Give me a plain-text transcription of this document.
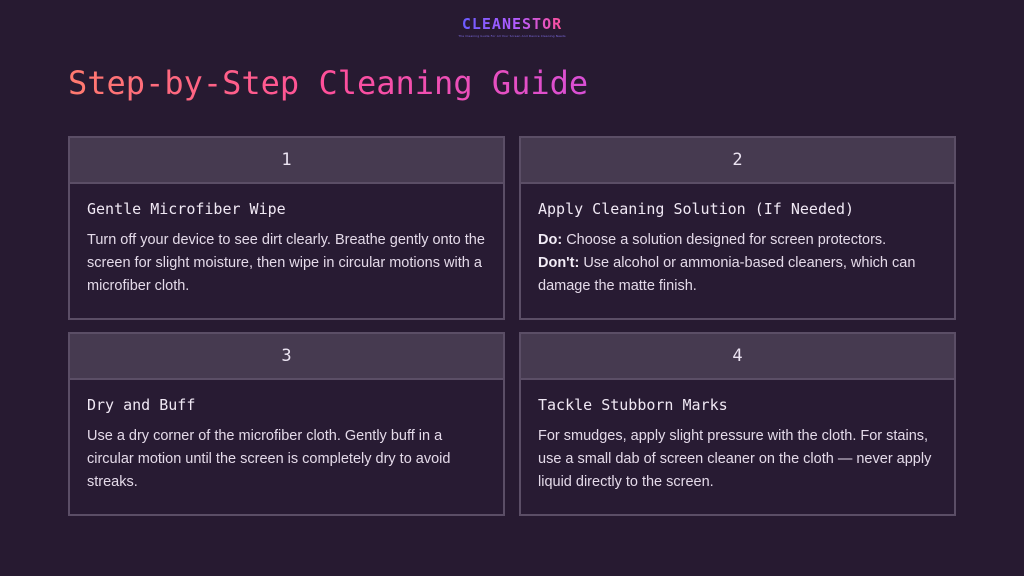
CLEANESTOR
The Cleaning Guide For All Your Screen And Device Cleaning Needs
Step-by-Step Cleaning Guide
1
Gentle Microfiber Wipe
Turn off your device to see dirt clearly. Breathe gently onto the screen for slight moisture, then wipe in circular motions with a microfiber cloth.
2
Apply Cleaning Solution (If Needed)
Do: Choose a solution designed for screen protectors.
Don't: Use alcohol or ammonia-based cleaners, which can damage the matte finish.
3
Dry and Buff
Use a dry corner of the microfiber cloth. Gently buff in a circular motion until the screen is completely dry to avoid streaks.
4
Tackle Stubborn Marks
For smudges, apply slight pressure with the cloth. For stains, use a small dab of screen cleaner on the cloth — never apply liquid directly to the screen.
